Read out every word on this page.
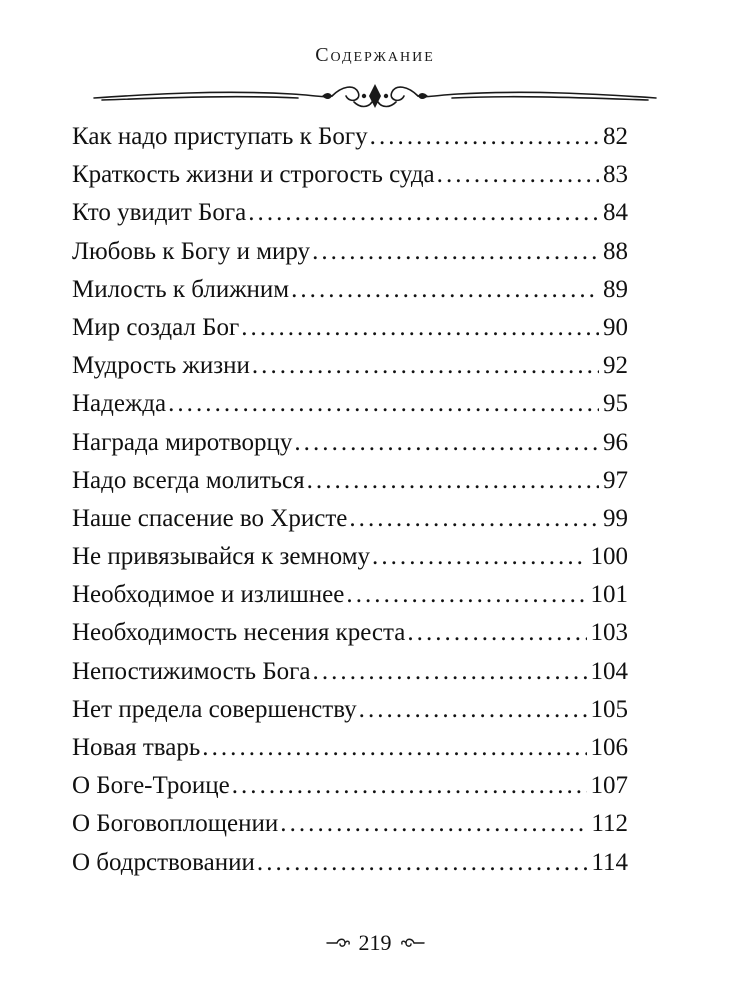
Содержание
Как надо приступать к Богу . . .	82
Краткость жизни и строгость суда . . .	83
Кто увидит Бога . . .	84
Любовь к Богу и миру . . .	88
Милость к ближним . . .	89
Мир создал Бог . . .	90
Мудрость жизни . . .	92
Надежда . . .	95
Награда миротворцу . . .	96
Надо всегда молиться . . .	97
Наше спасение во Христе . . .	99
Не привязывайся к земному . . .	100
Необходимое и излишнее . . .	101
Необходимость несения креста . . .	103
Непостижимость Бога . . .	104
Нет предела совершенству . . .	105
Новая тварь . . .	106
О Боге-Троице . . .	107
О Боговоплощении . . .	112
О бодрствовании . . .	114
219
